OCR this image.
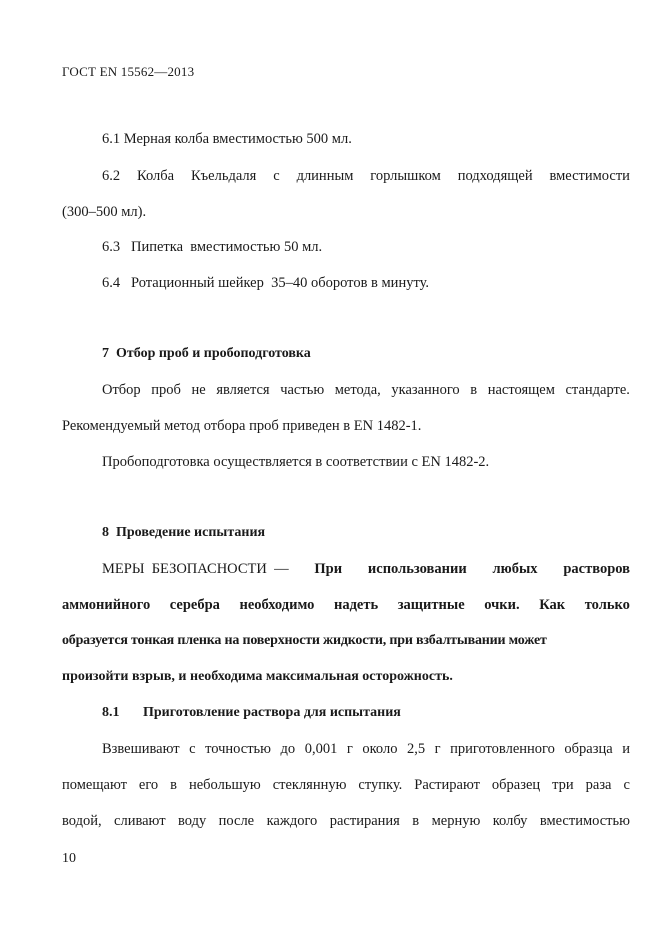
ГОСТ EN 15562—2013
6.1 Мерная колба вместимостью 500 мл.
6.2 Колба Къельдаля с длинным горлышком подходящей вместимости
(300–500 мл).
6.3   Пипетка  вместимостью 50 мл.
6.4   Ротационный шейкер  35–40 оборотов в минуту.
7  Отбор проб и пробоподготовка
Отбор проб не является частью метода, указанного в настоящем стандарте.
Рекомендуемый метод отбора проб приведен в EN 1482-1.
Пробоподготовка осуществляется в соответствии с EN 1482-2.
8  Проведение испытания
МЕРЫ  БЕЗОПАСНОСТИ  — При использовании любых растворов
аммонийного серебра необходимо надеть защитные очки. Как только
образуется тонкая пленка на поверхности жидкости, при взбалтывании может
произойти взрыв, и необходима максимальная осторожность.
8.1 Приготовление раствора для испытания
Взвешивают с точностью до 0,001 г около 2,5 г приготовленного образца и
помещают его в небольшую стеклянную ступку. Растирают образец три раза с
водой, сливают воду после каждого растирания в мерную колбу вместимостью
10
